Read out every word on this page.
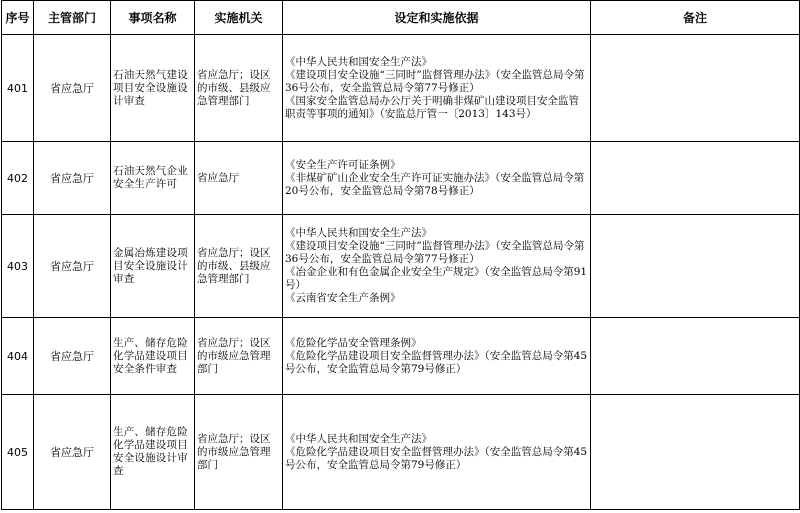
序号	主管部门	事项名称	实施机关	设定和实施依据	备注
401	省应急厅	石油天然气建设项目安全设施设计审查	省应急厅；设区的市级、县级应急管理部门	《中华人民共和国安全生产法》
《建设项目安全设施“三同时”监督管理办法》（安全监管总局令第36号公布，安全监管总局令第77号修正）
《国家安全监管总局办公厅关于明确非煤矿山建设项目安全监管职责等事项的通知》（安监总厅管一〔2013〕143号）	

402	省应急厅	石油天然气企业安全生产许可	省应急厅	《安全生产许可证条例》
《非煤矿矿山企业安全生产许可证实施办法》（安全监管总局令第20号公布，安全监管总局令第78号修正）	

403	省应急厅	金属冶炼建设项目安全设施设计审查	省应急厅；设区的市级、县级应急管理部门	《中华人民共和国安全生产法》
《建设项目安全设施“三同时”监督管理办法》（安全监管总局令第36号公布，安全监管总局令第77号修正）
《冶金企业和有色金属企业安全生产规定》（安全监管总局令第91号）
《云南省安全生产条例》	

404	省应急厅	生产、储存危险化学品建设项目安全条件审查	省应急厅；设区的市级应急管理部门	《危险化学品安全管理条例》
《危险化学品建设项目安全监督管理办法》（安全监管总局令第45号公布，安全监管总局令第79号修正）	

405	省应急厅	生产、储存危险化学品建设项目安全设施设计审查	省应急厅；设区的市级应急管理部门	《中华人民共和国安全生产法》
《危险化学品建设项目安全监督管理办法》（安全监管总局令第45号公布，安全监管总局令第79号修正）	
